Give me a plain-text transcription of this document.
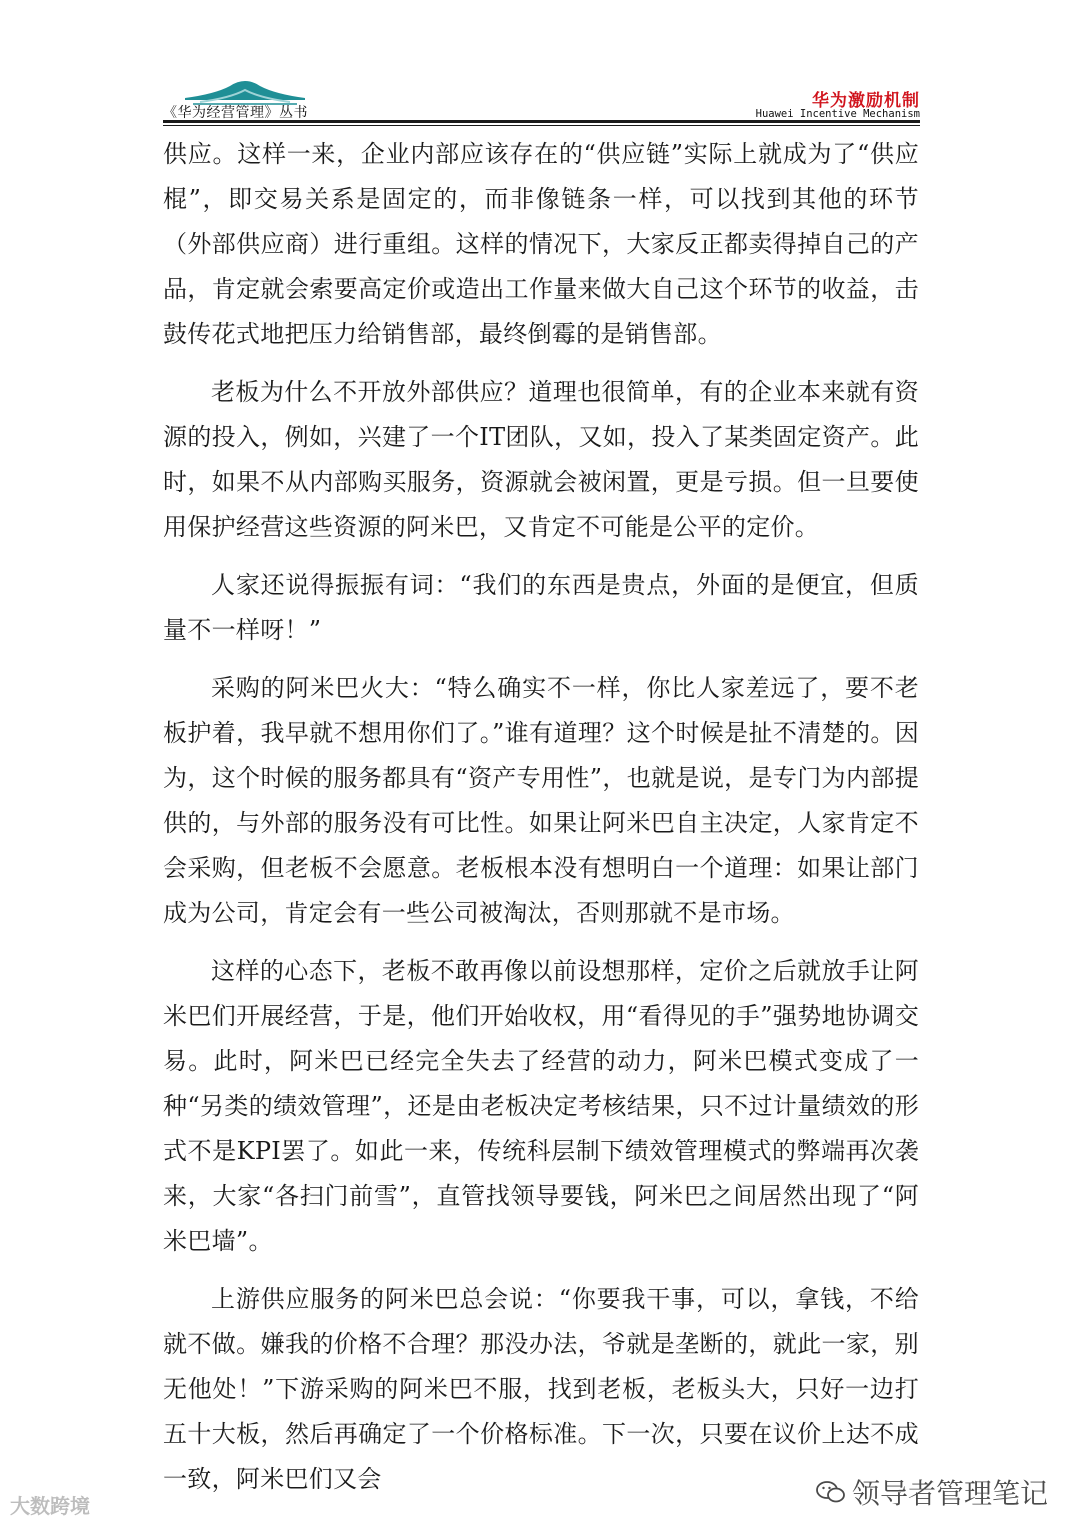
《华为经营管理》丛书
华为激励机制
Huawei Incentive Mechanism

供应。这样一来，企业内部应该存在的“供应链”实际上就成为了“供应棍”，即交易关系是固定的，而非像链条一样，可以找到其他的环节（外部供应商）进行重组。这样的情况下，大家反正都卖得掉自己的产品，肯定就会索要高定价或造出工作量来做大自己这个环节的收益，击鼓传花式地把压力给销售部，最终倒霉的是销售部。

老板为什么不开放外部供应？道理也很简单，有的企业本来就有资源的投入，例如，兴建了一个IT团队，又如，投入了某类固定资产。此时，如果不从内部购买服务，资源就会被闲置，更是亏损。但一旦要使用保护经营这些资源的阿米巴，又肯定不可能是公平的定价。

人家还说得振振有词：“我们的东西是贵点，外面的是便宜，但质量不一样呀！”

采购的阿米巴火大：“特么确实不一样，你比人家差远了，要不老板护着，我早就不想用你们了。”谁有道理？这个时候是扯不清楚的。因为，这个时候的服务都具有“资产专用性”，也就是说，是专门为内部提供的，与外部的服务没有可比性。如果让阿米巴自主决定，人家肯定不会采购，但老板不会愿意。老板根本没有想明白一个道理：如果让部门成为公司，肯定会有一些公司被淘汰，否则那就不是市场。

这样的心态下，老板不敢再像以前设想那样，定价之后就放手让阿米巴们开展经营，于是，他们开始收权，用“看得见的手”强势地协调交易。此时，阿米巴已经完全失去了经营的动力，阿米巴模式变成了一种“另类的绩效管理”，还是由老板决定考核结果，只不过计量绩效的形式不是KPI罢了。如此一来，传统科层制下绩效管理模式的弊端再次袭来，大家“各扫门前雪”，直管找领导要钱，阿米巴之间居然出现了“阿米巴墙”。

上游供应服务的阿米巴总会说：“你要我干事，可以，拿钱，不给就不做。嫌我的价格不合理？那没办法，爷就是垄断的，就此一家，别无他处！”下游采购的阿米巴不服，找到老板，老板头大，只好一边打五十大板，然后再确定了一个价格标准。下一次，只要在议价上达不成一致，阿米巴们又会

大数跨境	领导者管理笔记
